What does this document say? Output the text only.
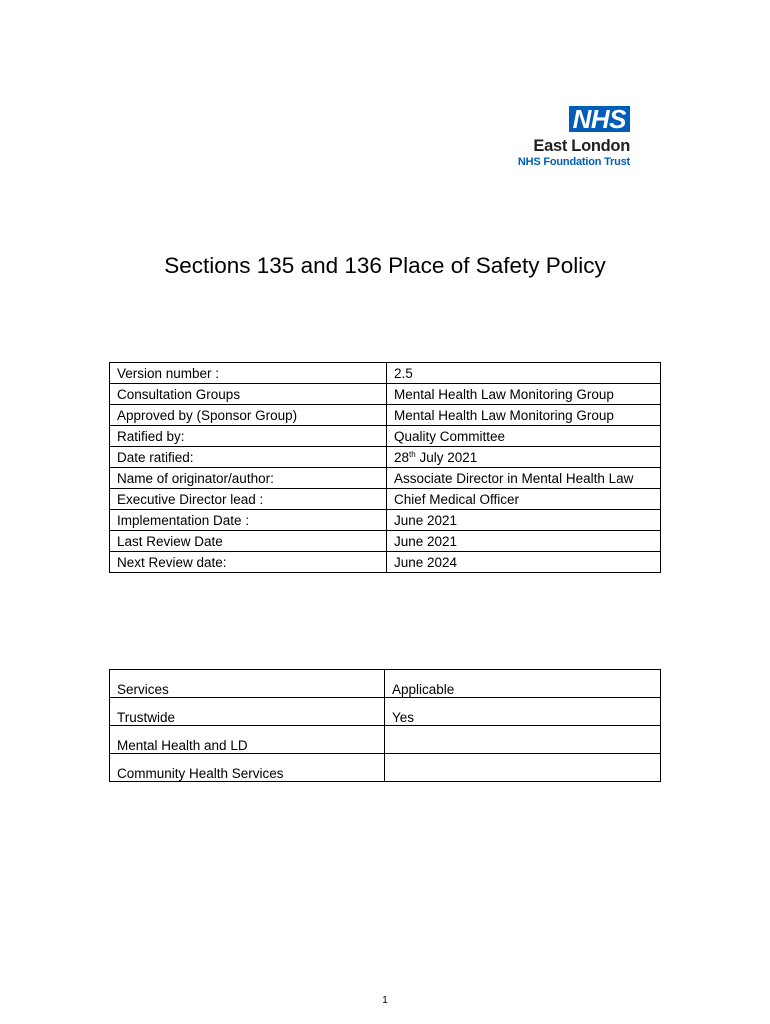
NHS
East London
NHS Foundation Trust
Sections 135 and 136 Place of Safety Policy
Version number :	2.5
Consultation Groups	Mental Health Law Monitoring Group
Approved by (Sponsor Group)	Mental Health Law Monitoring Group
Ratified by:	Quality Committee
Date ratified:	28th July 2021
Name of originator/author:	Associate Director in Mental Health Law
Executive Director lead :	Chief Medical Officer
Implementation Date :	June 2021
Last Review Date	June 2021
Next Review date:	June 2024
Services	Applicable
Trustwide	Yes
Mental Health and LD	
Community Health Services	
1
